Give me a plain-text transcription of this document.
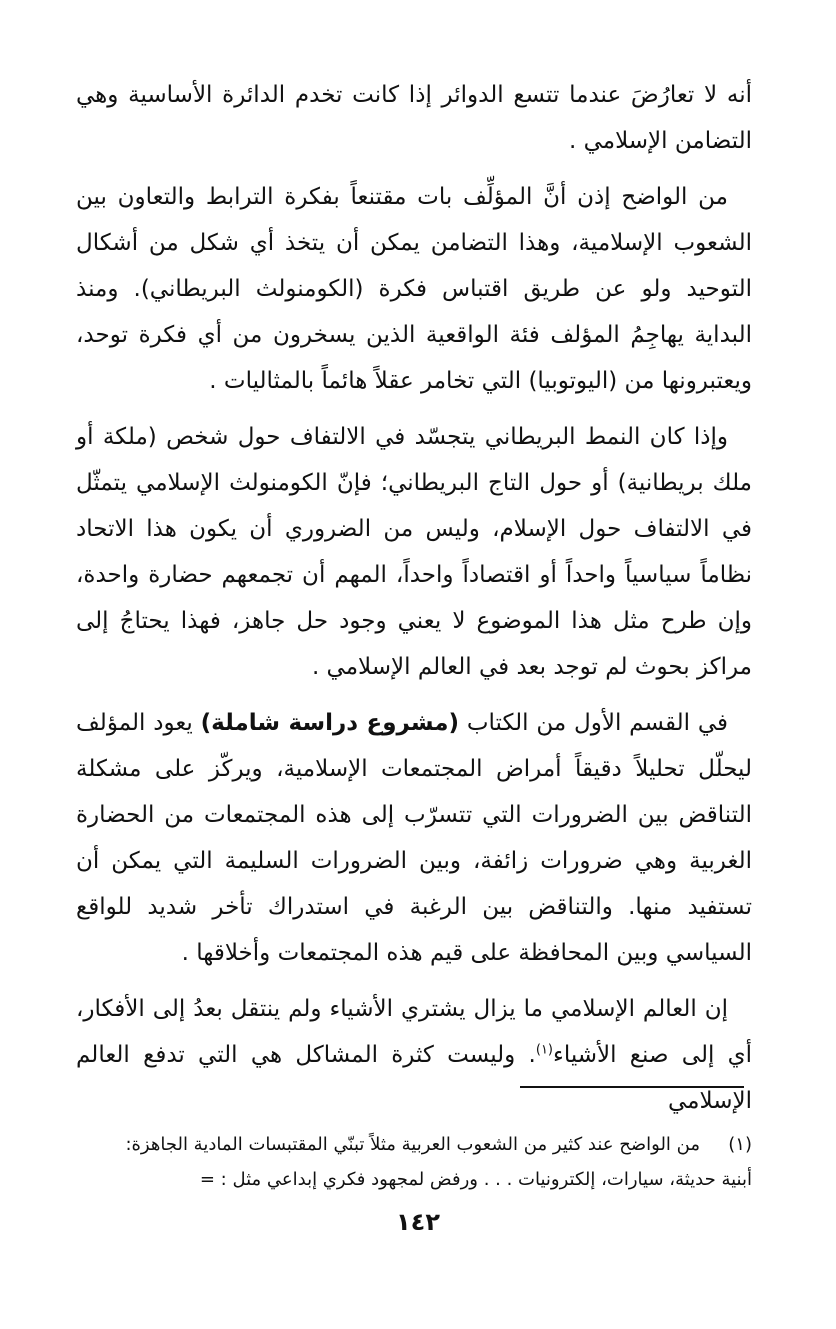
أنه لا تعارُضَ عندما تتسع الدوائر إذا كانت تخدم الدائرة الأساسية وهي التضامن الإسلامي .

من الواضح إذن أنَّ المؤلِّف بات مقتنعاً بفكرة الترابط والتعاون بين الشعوب الإسلامية، وهذا التضامن يمكن أن يتخذ أي شكل من أشكال التوحيد ولو عن طريق اقتباس فكرة (الكومنولث البريطاني). ومنذ البداية يهاجِمُ المؤلف فئة الواقعية الذين يسخرون من أي فكرة توحد، ويعتبرونها من (اليوتوبيا) التي تخامر عقلاً هائماً بالمثاليات .

وإذا كان النمط البريطاني يتجسّد في الالتفاف حول شخص (ملكة أو ملك بريطانية) أو حول التاج البريطاني؛ فإنّ الكومنولث الإسلامي يتمثّل في الالتفاف حول الإسلام، وليس من الضروري أن يكون هذا الاتحاد نظاماً سياسياً واحداً أو اقتصاداً واحداً، المهم أن تجمعهم حضارة واحدة، وإن طرح مثل هذا الموضوع لا يعني وجود حل جاهز، فهذا يحتاجُ إلى مراكز بحوث لم توجد بعد في العالم الإسلامي .

في القسم الأول من الكتاب (مشروع دراسة شاملة) يعود المؤلف ليحلّل تحليلاً دقيقاً أمراض المجتمعات الإسلامية، ويركّز على مشكلة التناقض بين الضرورات التي تتسرّب إلى هذه المجتمعات من الحضارة الغربية وهي ضرورات زائفة، وبين الضرورات السليمة التي يمكن أن تستفيد منها. والتناقض بين الرغبة في استدراك تأخر شديد للواقع السياسي وبين المحافظة على قيم هذه المجتمعات وأخلاقها .

إن العالم الإسلامي ما يزال يشتري الأشياء ولم ينتقل بعدُ إلى الأفكار، أي إلى صنع الأشياء$^{(١)}$. وليست كثرة المشاكل هي التي تدفع العالم الإسلامي

(١)
من الواضح عند كثير من الشعوب العربية مثلاً تبنّي المقتبسات المادية الجاهزة:
أبنية حديثة، سيارات، إلكترونيات . . . ورفض لمجهود فكري إبداعي مثل : =
١٤٢
